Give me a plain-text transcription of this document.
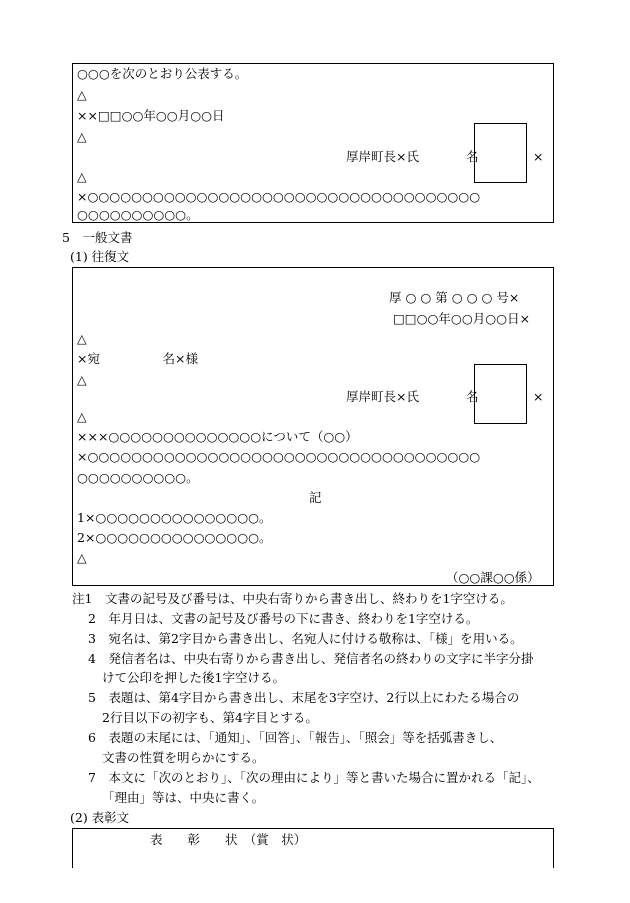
○○○を次のとおり公表する。
△
××□□○○年○○月○○日
△
厚岸町長×氏	名	×
△
×○○○○○○○○○○○○○○○○○○○○○○○○○○○○○○○○○○○○
○○○○○○○○○○。
5　一般文書
(1) 往復文
厚 ○ ○ 第 ○ ○ ○ 号×
□□○○年○○月○○日×
△
×宛　　　　　名×様
△
厚岸町長×氏	名	×
△
×××○○○○○○○○○○○○○○について（○○）
×○○○○○○○○○○○○○○○○○○○○○○○○○○○○○○○○○○○○
○○○○○○○○○○。
記
1×○○○○○○○○○○○○○○○。
2×○○○○○○○○○○○○○○○。
△
（○○課○○係）
注1　文書の記号及び番号は、中央右寄りから書き出し、終わりを1字空ける。
2　年月日は、文書の記号及び番号の下に書き、終わりを1字空ける。
3　宛名は、第2字目から書き出し、名宛人に付ける敬称は、「様」を用いる。
4　発信者名は、中央右寄りから書き出し、発信者名の終わりの文字に半字分掛
けて公印を押した後1字空ける。
5　表題は、第4字目から書き出し、末尾を3字空け、2行以上にわたる場合の
2行目以下の初字も、第4字目とする。
6　表題の末尾には、「通知」、「回答」、「報告」、「照会」等を括弧書きし、
文書の性質を明らかにする。
7　本文に「次のとおり」、「次の理由により」等と書いた場合に置かれる「記」、
「理由」等は、中央に書く。
(2) 表彰文
表　　彰　　状　（賞　状）
